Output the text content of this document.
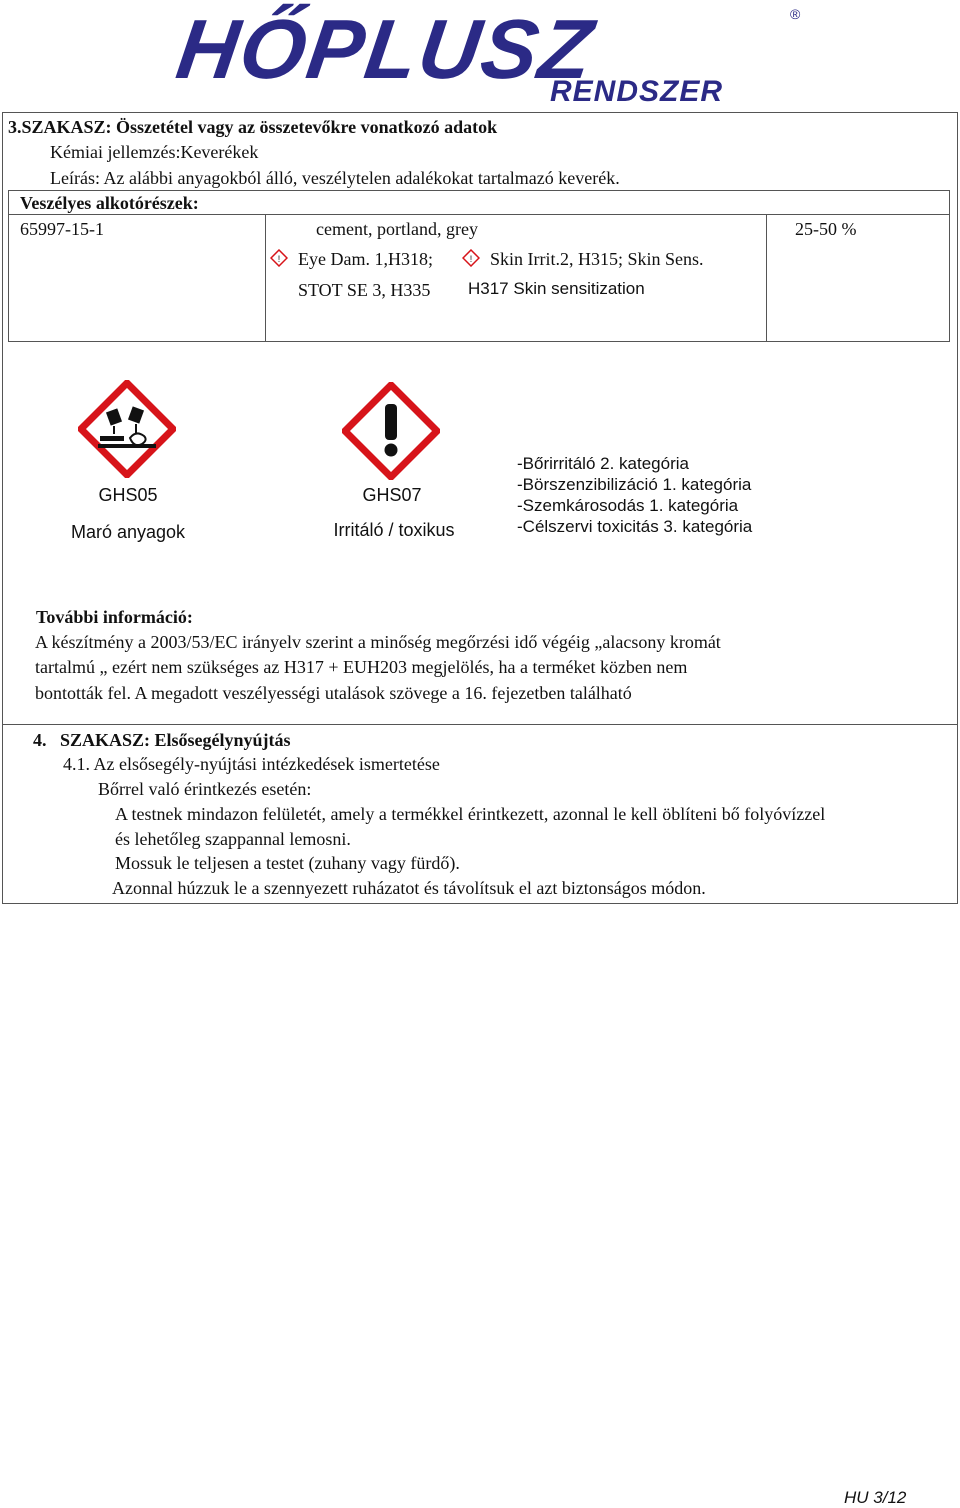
HŐPLUSZ
RENDSZER
®
3.SZAKASZ: Összetétel vagy az összetevőkre vonatkozó adatok
Kémiai jellemzés:Keverékek
Leírás: Az alábbi anyagokból álló, veszélytelen adalékokat tartalmazó keverék.
Veszélyes alkotórészek:
65997-15-1	cement, portland, grey	25-50 %
! Eye Dam. 1,H318;	! Skin Irrit.2, H315; Skin Sens.
STOT SE 3, H335 H317 Skin sensitization
GHS05
Maró anyagok
GHS07
Irritáló / toxikus
-Bőrirritáló 2. kategória
-Börszenzibilizáció 1. kategória
-Szemkárosodás 1. kategória
-Célszervi toxicitás 3. kategória
További információ:
A készítmény a 2003/53/EC irányelv szerint a minőség megőrzési idő végéig „alacsony kromát
tartalmú „ ezért nem szükséges az H317 + EUH203 megjelölés, ha a terméket közben nem
bontották fel. A megadott veszélyességi utalások szövege a 16. fejezetben található
4.   SZAKASZ: Elsősegélynyújtás
4.1. Az elsősegély-nyújtási intézkedések ismertetése
Bőrrel való érintkezés esetén:
A testnek mindazon felületét, amely a termékkel érintkezett, azonnal le kell öblíteni bő folyóvízzel
és lehetőleg szappannal lemosni.
Mossuk le teljesen a testet (zuhany vagy fürdő).
Azonnal húzzuk le a szennyezett ruházatot és távolítsuk el azt biztonságos módon.
HU 3/12
